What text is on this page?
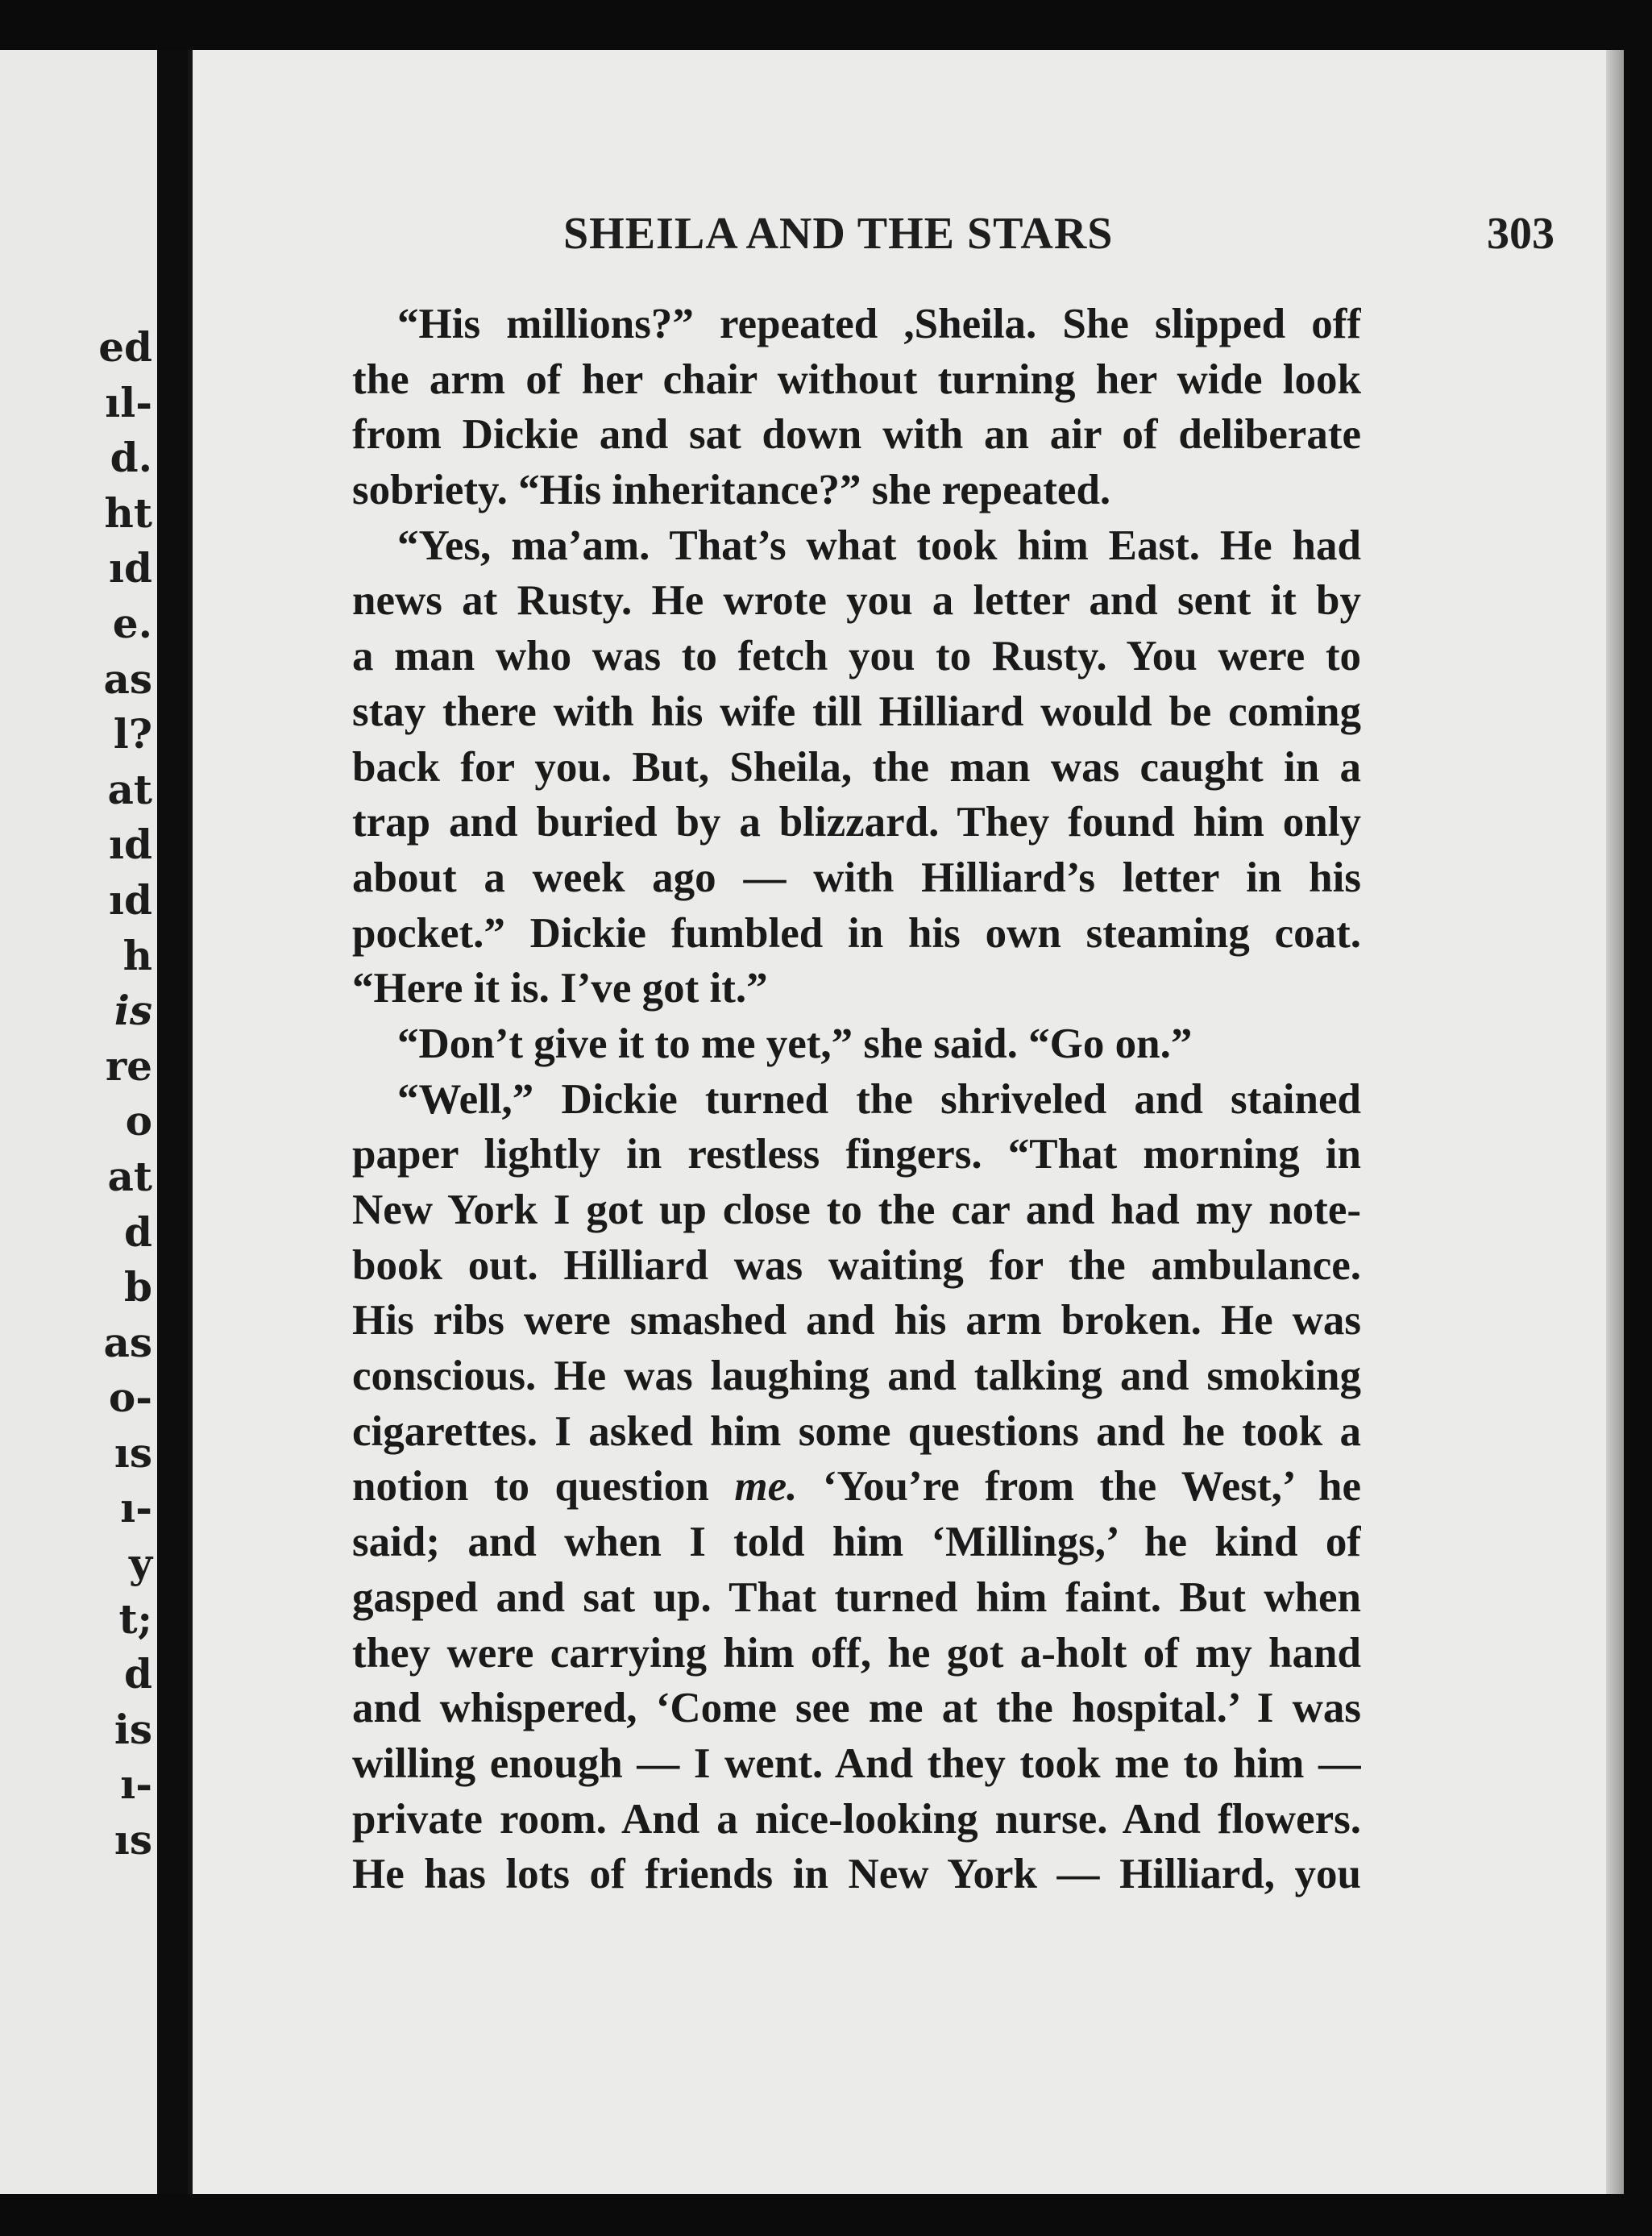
ed
ıl-
d.
ht
ıd
e.
as
l?
at
ıd
ıd
h
is
re
o
at
d
b
as
o-
ıs
ı-
y
t;
d
is
ı-
ıs
SHEILA AND THE STARS	303
“His millions?” repeated ,Sheila. She slipped off
the arm of her chair without turning her wide look
from Dickie and sat down with an air of deliberate
sobriety. “His inheritance?” she repeated.
“Yes, ma’am. That’s what took him East. He had
news at Rusty. He wrote you a letter and sent it by
a man who was to fetch you to Rusty. You were to
stay there with his wife till Hilliard would be coming
back for you. But, Sheila, the man was caught in a
trap and buried by a blizzard. They found him only
about a week ago — with Hilliard’s letter in his
pocket.” Dickie fumbled in his own steaming coat.
“Here it is. I’ve got it.”
“Don’t give it to me yet,” she said. “Go on.”
“Well,” Dickie turned the shriveled and stained
paper lightly in restless fingers. “That morning in
New York I got up close to the car and had my note-
book out. Hilliard was waiting for the ambulance.
His ribs were smashed and his arm broken. He was
conscious. He was laughing and talking and smoking
cigarettes. I asked him some questions and he took a
notion to question me. ‘You’re from the West,’ he
said; and when I told him ‘Millings,’ he kind of
gasped and sat up. That turned him faint. But when
they were carrying him off, he got a-holt of my hand
and whispered, ‘Come see me at the hospital.’ I was
willing enough — I went. And they took me to him —
private room. And a nice-looking nurse. And flowers.
He has lots of friends in New York — Hilliard, you
